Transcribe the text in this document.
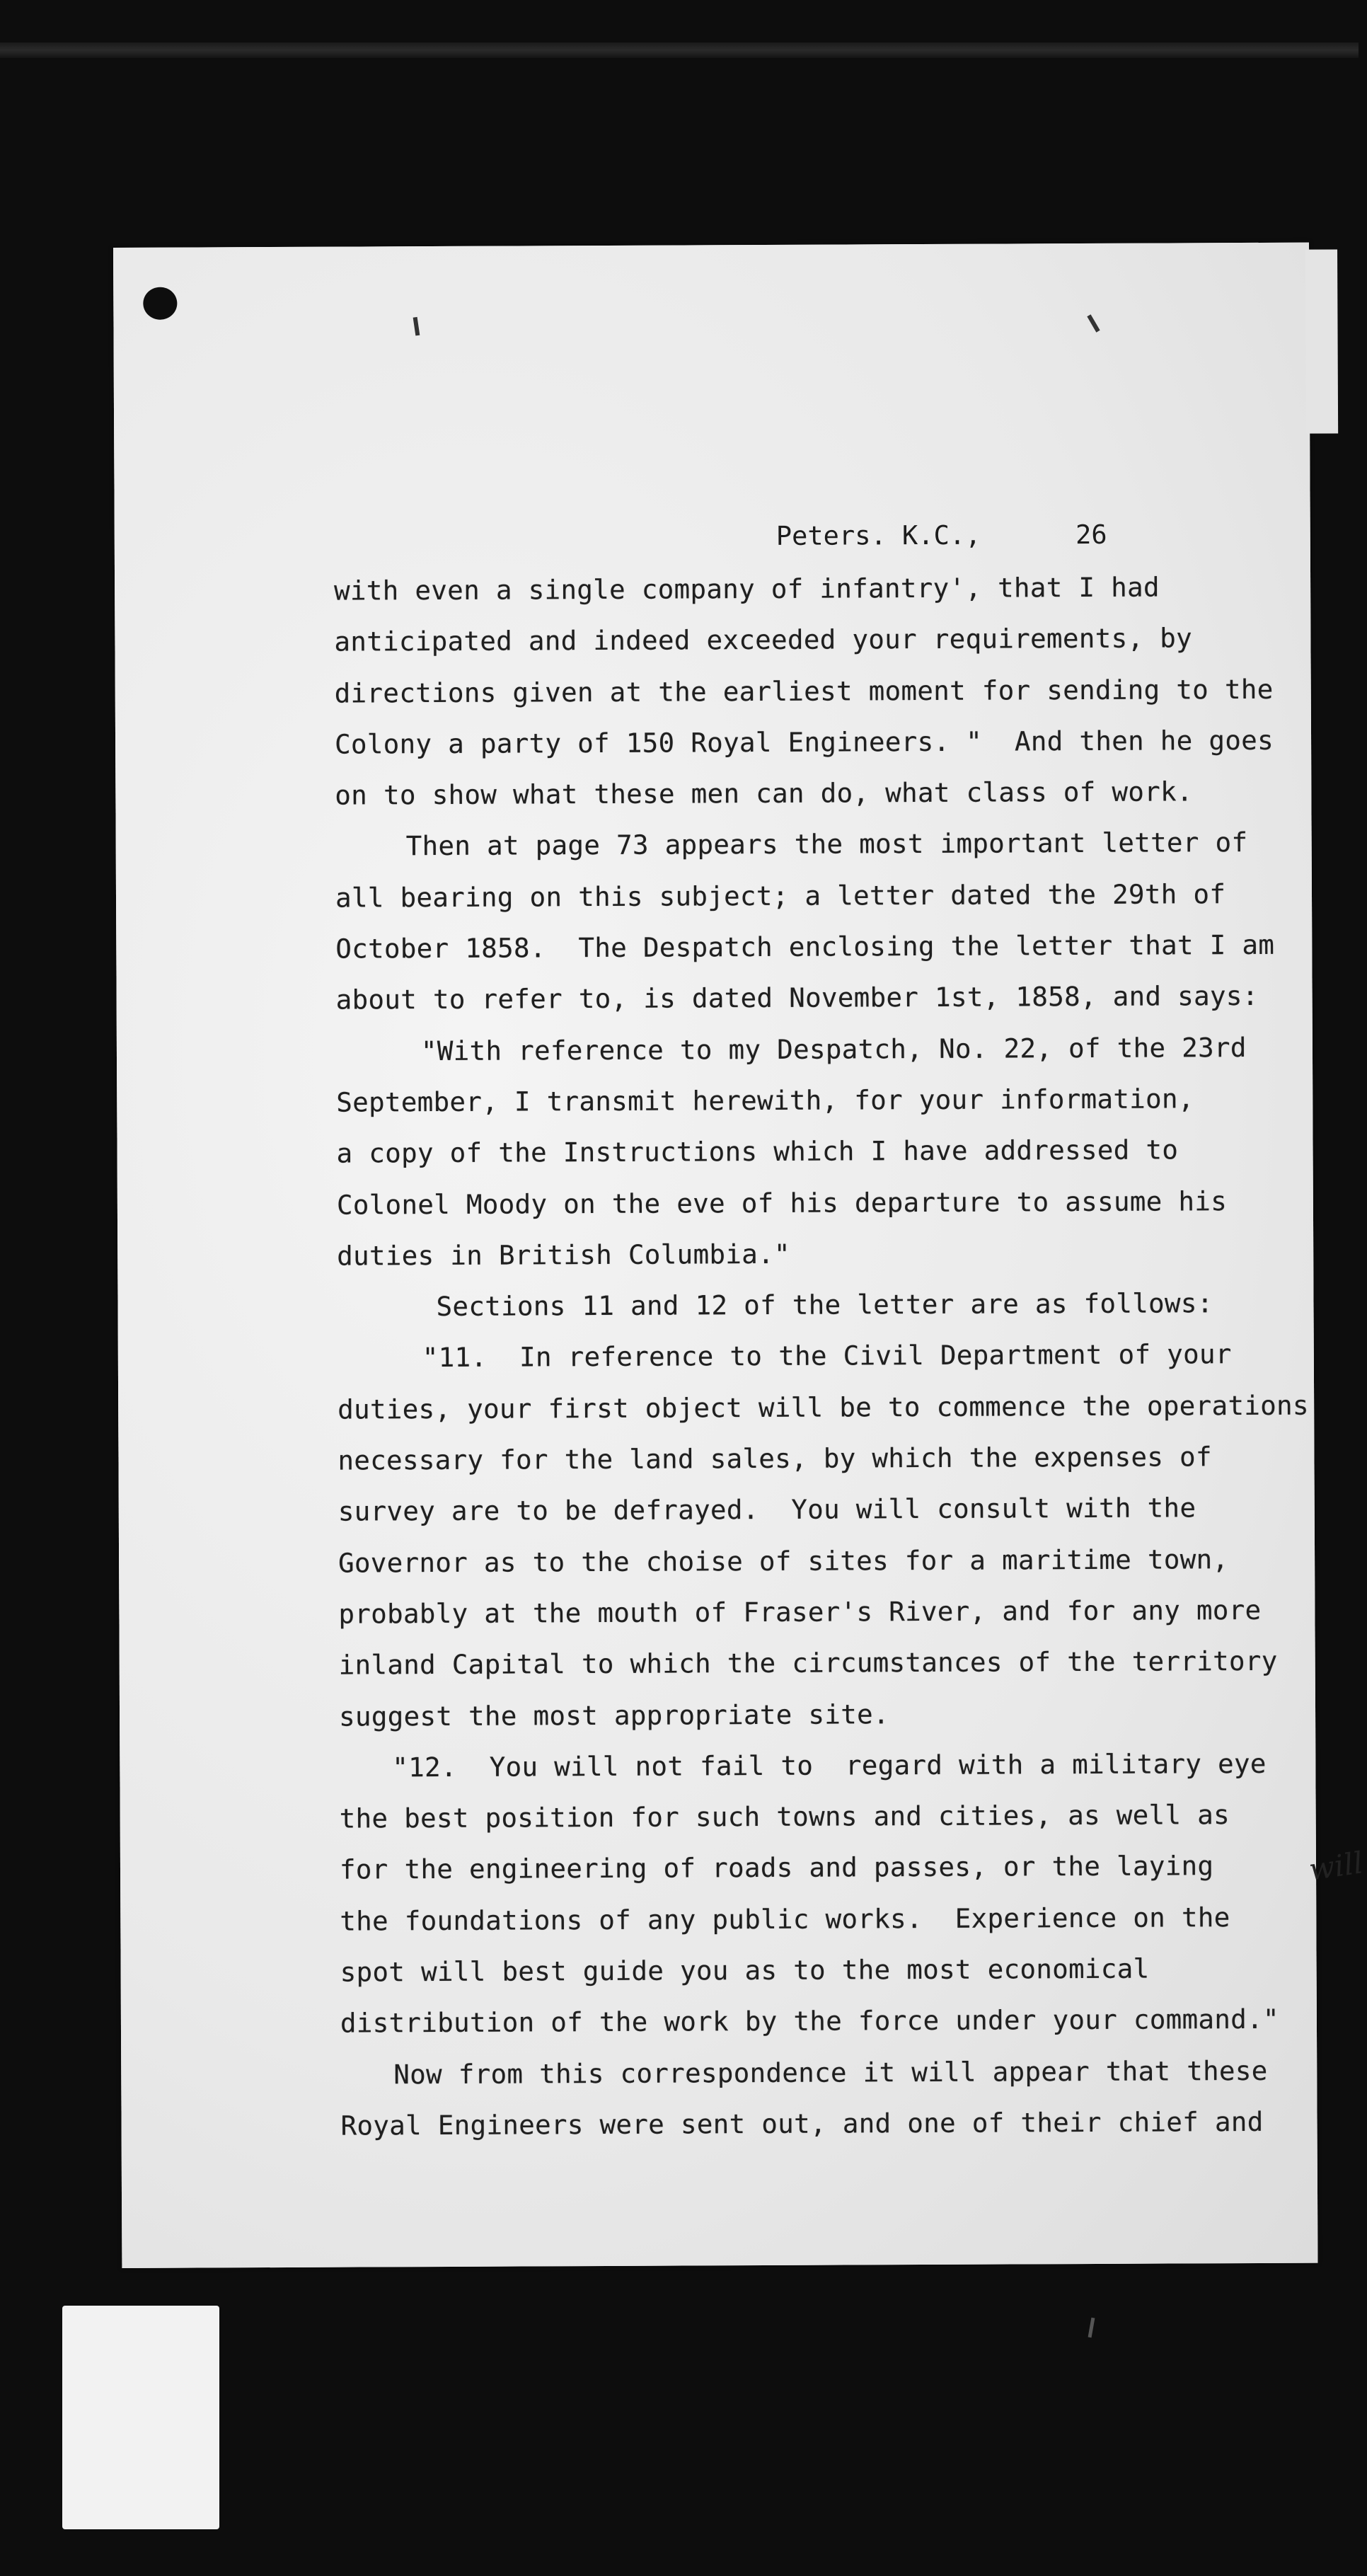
Peters. K.C.,      26
with even a single company of infantry', that I had
anticipated and indeed exceeded your requirements, by
directions given at the earliest moment for sending to the
Colony a party of 150 Royal Engineers. "  And then he goes
on to show what these men can do, what class of work.
Then at page 73 appears the most important letter of
all bearing on this subject; a letter dated the 29th of
October 1858.  The Despatch enclosing the letter that I am
about to refer to, is dated November 1st, 1858, and says:
"With reference to my Despatch, No. 22, of the 23rd
September, I transmit herewith, for your information,
a copy of the Instructions which I have addressed to
Colonel Moody on the eve of his departure to assume his
duties in British Columbia."
Sections 11 and 12 of the letter are as follows:
"11.  In reference to the Civil Department of your
duties, your first object will be to commence the operations
necessary for the land sales, by which the expenses of
survey are to be defrayed.  You will consult with the
Governor as to the choise of sites for a maritime town,
probably at the mouth of Fraser's River, and for any more
inland Capital to which the circumstances of the territory
suggest the most appropriate site.
"12.  You will not fail to  regard with a military eye
the best position for such towns and cities, as well as
for the engineering of roads and passes, or the laying
the foundations of any public works.  Experience on the
spot will best guide you as to the most economical
distribution of the work by the force under your command."
Now from this correspondence it will appear that these
Royal Engineers were sent out, and one of their chief and
will
